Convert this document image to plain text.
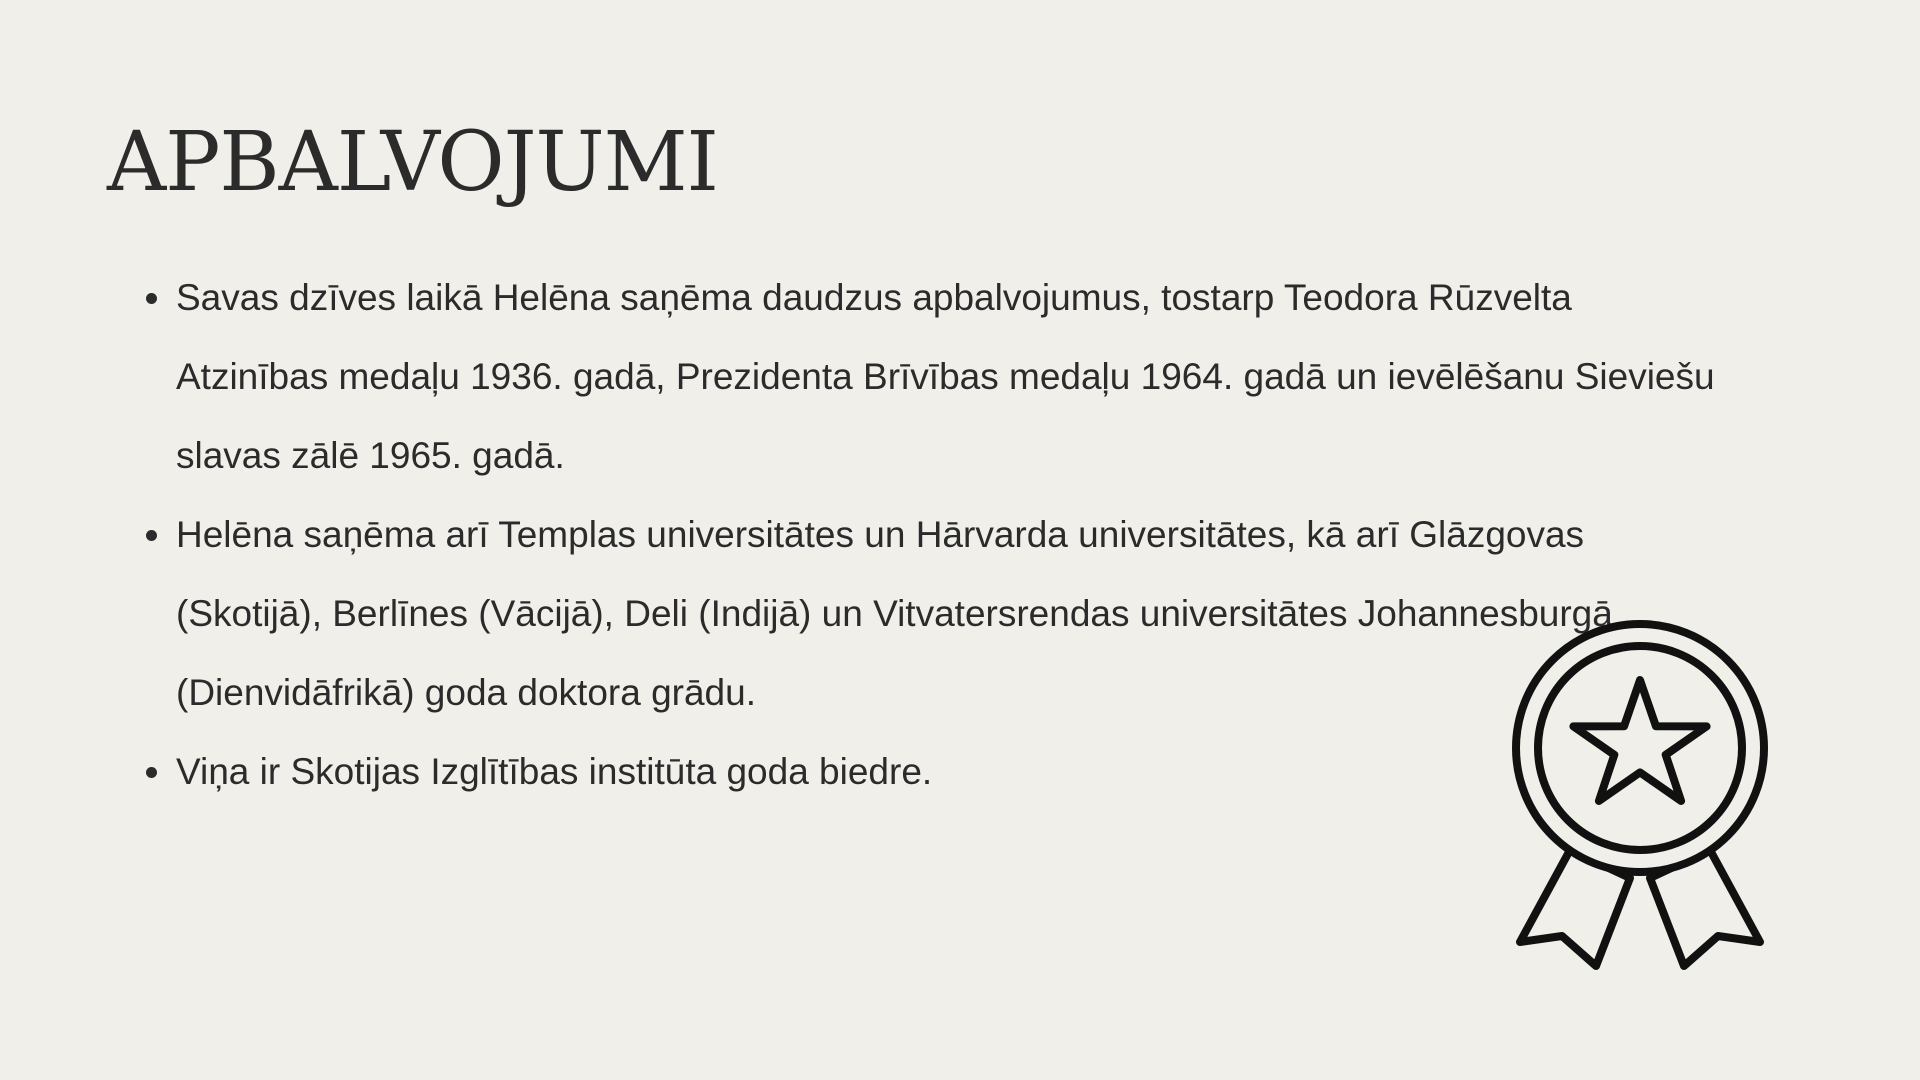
APBALVOJUMI
Savas dzīves laikā Helēna saņēma daudzus apbalvojumus, tostarp Teodora Rūzvelta Atzinības medaļu 1936. gadā, Prezidenta Brīvības medaļu 1964. gadā un ievēlēšanu Sieviešu slavas zālē 1965. gadā.
Helēna saņēma arī Templas universitātes un Hārvarda universitātes, kā arī Glāzgovas (Skotijā), Berlīnes (Vācijā), Deli (Indijā) un Vitvatersrendas universitātes Johannesburgā (Dienvidāfrikā) goda doktora grādu.
Viņa ir Skotijas Izglītības institūta goda biedre.
